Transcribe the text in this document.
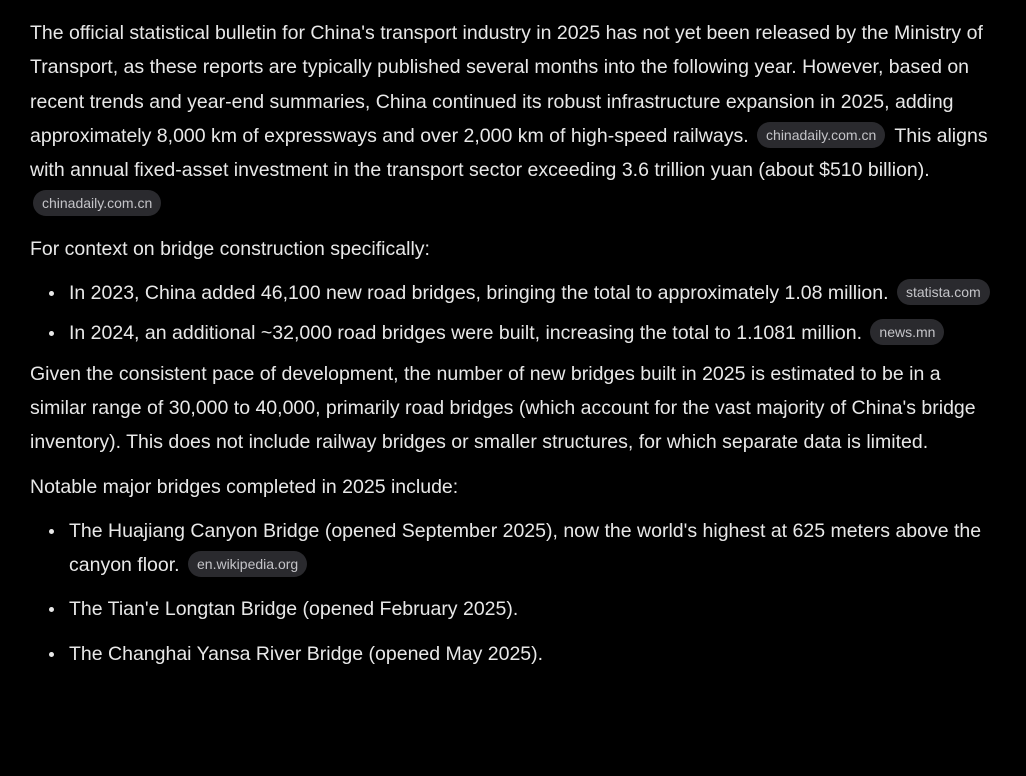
The official statistical bulletin for China's transport industry in 2025 has not yet been released by the Ministry of Transport, as these reports are typically published several months into the following year. However, based on recent trends and year-end summaries, China continued its robust infrastructure expansion in 2025, adding approximately 8,000 km of expressways and over 2,000 km of high-speed railways. chinadaily.com.cn This aligns with annual fixed-asset investment in the transport sector exceeding 3.6 trillion yuan (about $510 billion). chinadaily.com.cn

For context on bridge construction specifically:

In 2023, China added 46,100 new road bridges, bringing the total to approximately 1.08 million. statista.com
In 2024, an additional ~32,000 road bridges were built, increasing the total to 1.1081 million. news.mn

Given the consistent pace of development, the number of new bridges built in 2025 is estimated to be in a similar range of 30,000 to 40,000, primarily road bridges (which account for the vast majority of China's bridge inventory). This does not include railway bridges or smaller structures, for which separate data is limited.

Notable major bridges completed in 2025 include:

The Huajiang Canyon Bridge (opened September 2025), now the world's highest at 625 meters above the canyon floor. en.wikipedia.org
The Tian'e Longtan Bridge (opened February 2025).
The Changhai Yansa River Bridge (opened May 2025).
